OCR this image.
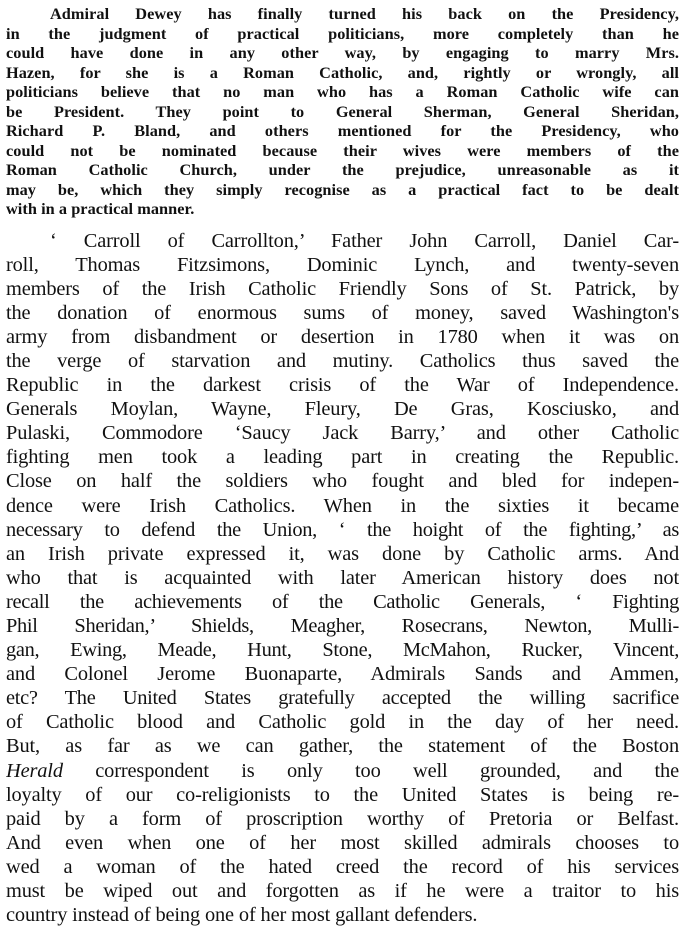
Admiral Dewey has finally turned his back on the Presidency,
in the judgment of practical politicians, more completely than he
could have done in any other way, by engaging to marry Mrs.
Hazen, for she is a Roman Catholic, and, rightly or wrongly, all
politicians believe that no man who has a Roman Catholic wife can
be President. They point to General Sherman, General Sheridan,
Richard P. Bland, and others mentioned for the Presidency, who
could not be nominated because their wives were members of the
Roman Catholic Church, under the prejudice, unreasonable as it
may be, which they simply recognise as a practical fact to be dealt
with in a practical manner.
‘ Carroll of Carrollton,’ Father John Carroll, Daniel Car-
roll, Thomas Fitzsimons, Dominic Lynch, and twenty-seven
members of the Irish Catholic Friendly Sons of St. Patrick, by
the donation of enormous sums of money, saved Washington's
army from disbandment or desertion in 1780 when it was on
the verge of starvation and mutiny. Catholics thus saved the
Republic in the darkest crisis of the War of Independence.
Generals Moylan, Wayne, Fleury, De Gras, Kosciusko, and
Pulaski, Commodore ‘Saucy Jack Barry,’ and other Catholic
fighting men took a leading part in creating the Republic.
Close on half the soldiers who fought and bled for indepen-
dence were Irish Catholics. When in the sixties it became
necessary to defend the Union, ‘ the hoight of the fighting,’ as
an Irish private expressed it, was done by Catholic arms. And
who that is acquainted with later American history does not
recall the achievements of the Catholic Generals, ‘ Fighting
Phil Sheridan,’ Shields, Meagher, Rosecrans, Newton, Mulli-
gan, Ewing, Meade, Hunt, Stone, McMahon, Rucker, Vincent,
and Colonel Jerome Buonaparte, Admirals Sands and Ammen,
etc? The United States gratefully accepted the willing sacrifice
of Catholic blood and Catholic gold in the day of her need.
But, as far as we can gather, the statement of the Boston
Herald correspondent is only too well grounded, and the
loyalty of our co-religionists to the United States is being re-
paid by a form of proscription worthy of Pretoria or Belfast.
And even when one of her most skilled admirals chooses to
wed a woman of the hated creed the record of his services
must be wiped out and forgotten as if he were a traitor to his
country instead of being one of her most gallant defenders.
